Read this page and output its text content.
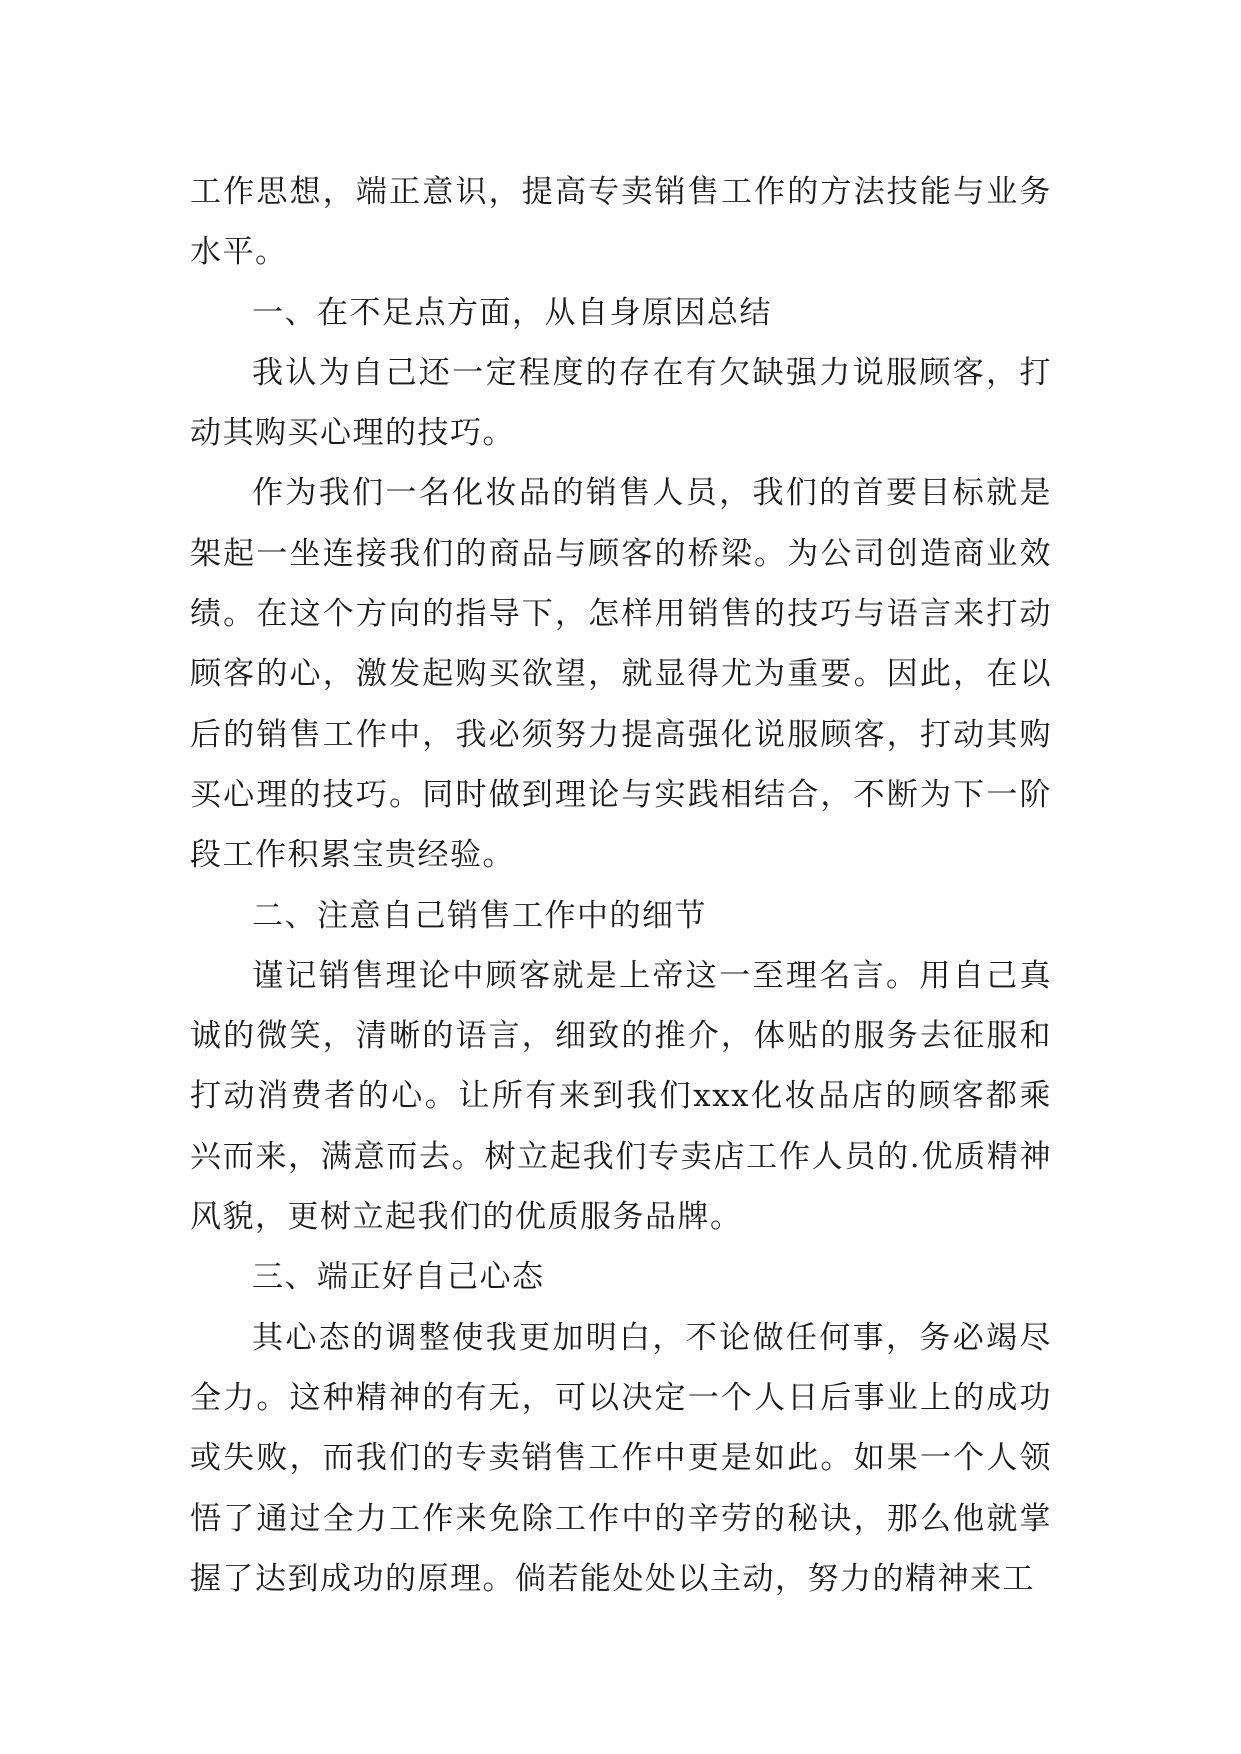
工作思想，端正意识，提高专卖销售工作的方法技能与业务水平。

一、在不足点方面，从自身原因总结

我认为自己还一定程度的存在有欠缺强力说服顾客，打动其购买心理的技巧。

作为我们一名化妆品的销售人员，我们的首要目标就是架起一坐连接我们的商品与顾客的桥梁。为公司创造商业效绩。在这个方向的指导下，怎样用销售的技巧与语言来打动顾客的心，激发起购买欲望，就显得尤为重要。因此，在以后的销售工作中，我必须努力提高强化说服顾客，打动其购买心理的技巧。同时做到理论与实践相结合，不断为下一阶段工作积累宝贵经验。

二、注意自己销售工作中的细节

谨记销售理论中顾客就是上帝这一至理名言。用自己真诚的微笑，清晰的语言，细致的推介，体贴的服务去征服和打动消费者的心。让所有来到我们xxx化妆品店的顾客都乘兴而来，满意而去。树立起我们专卖店工作人员的.优质精神风貌，更树立起我们的优质服务品牌。

三、端正好自己心态

其心态的调整使我更加明白，不论做任何事，务必竭尽全力。这种精神的有无，可以决定一个人日后事业上的成功或失败，而我们的专卖销售工作中更是如此。如果一个人领悟了通过全力工作来免除工作中的辛劳的秘诀，那么他就掌握了达到成功的原理。倘若能处处以主动，努力的精神来工
